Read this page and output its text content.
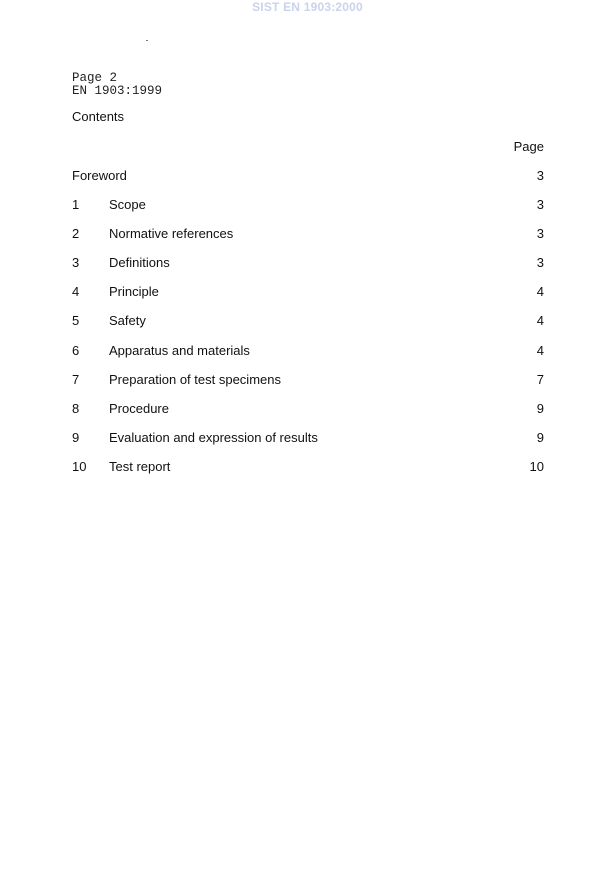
SIST EN 1903:2000
Page 2
EN 1903:1999
Contents
Page
Foreword	3
1 Scope	3
2 Normative references	3
3 Definitions	3
4 Principle	4
5 Safety	4
6 Apparatus and materials	4
7 Preparation of test specimens	7
8 Procedure	9
9 Evaluation and expression of results	9
10 Test report	10
